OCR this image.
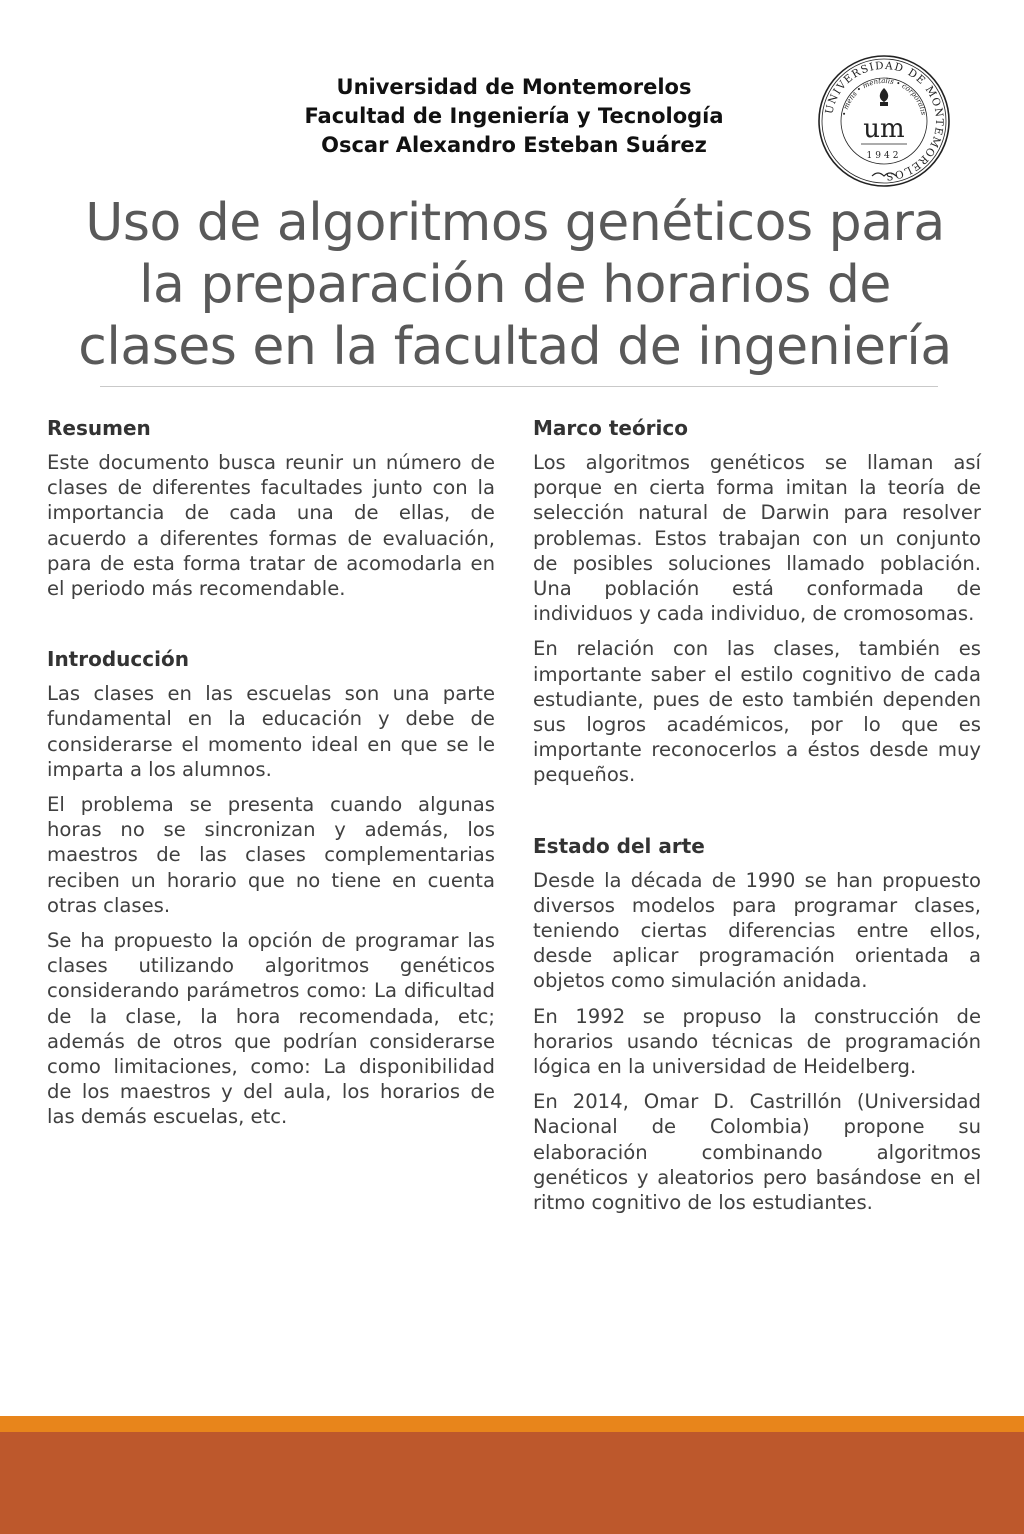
Universidad de Montemorelos
Facultad de Ingeniería y Tecnología
Oscar Alexandro Esteban Suárez
UNIVERSIDAD DE MONTEMORELOS
• mens • mentalis • corporalis
um
1942
Uso de algoritmos genéticos para
la preparación de horarios de
clases en la facultad de ingeniería
Resumen

Este documento busca reunir un número de clases de diferentes facultades junto con la importancia de cada una de ellas, de acuerdo a diferentes formas de evaluación, para de esta forma tratar de acomodarla en el periodo más recomendable.

Introducción

Las clases en las escuelas son una parte fundamental en la educación y debe de considerarse el momento ideal en que se le imparta a los alumnos.

El problema se presenta cuando algunas horas no se sincronizan y además, los maestros de las clases complementarias reciben un horario que no tiene en cuenta otras clases.

Se ha propuesto la opción de programar las clases utilizando algoritmos genéticos considerando parámetros como: La dificultad de la clase, la hora recomendada, etc; además de otros que podrían considerarse como limitaciones, como: La disponibilidad de los maestros y del aula, los horarios de las demás escuelas, etc.

Marco teórico

Los algoritmos genéticos se llaman así porque en cierta forma imitan la teoría de selección natural de Darwin para resolver problemas. Estos trabajan con un conjunto de posibles soluciones llamado población. Una población está conformada de individuos y cada individuo, de cromosomas.

En relación con las clases, también es importante saber el estilo cognitivo de cada estudiante, pues de esto también dependen sus logros académicos, por lo que es importante reconocerlos a éstos desde muy pequeños.

Estado del arte

Desde la década de 1990 se han propuesto diversos modelos para programar clases, teniendo ciertas diferencias entre ellos, desde aplicar programación orientada a objetos como simulación anidada.

En 1992 se propuso la construcción de horarios usando técnicas de programación lógica en la universidad de Heidelberg.

En 2014, Omar D. Castrillón (Universidad Nacional de Colombia) propone su elaboración combinando algoritmos genéticos y aleatorios pero basándose en el ritmo cognitivo de los estudiantes.
